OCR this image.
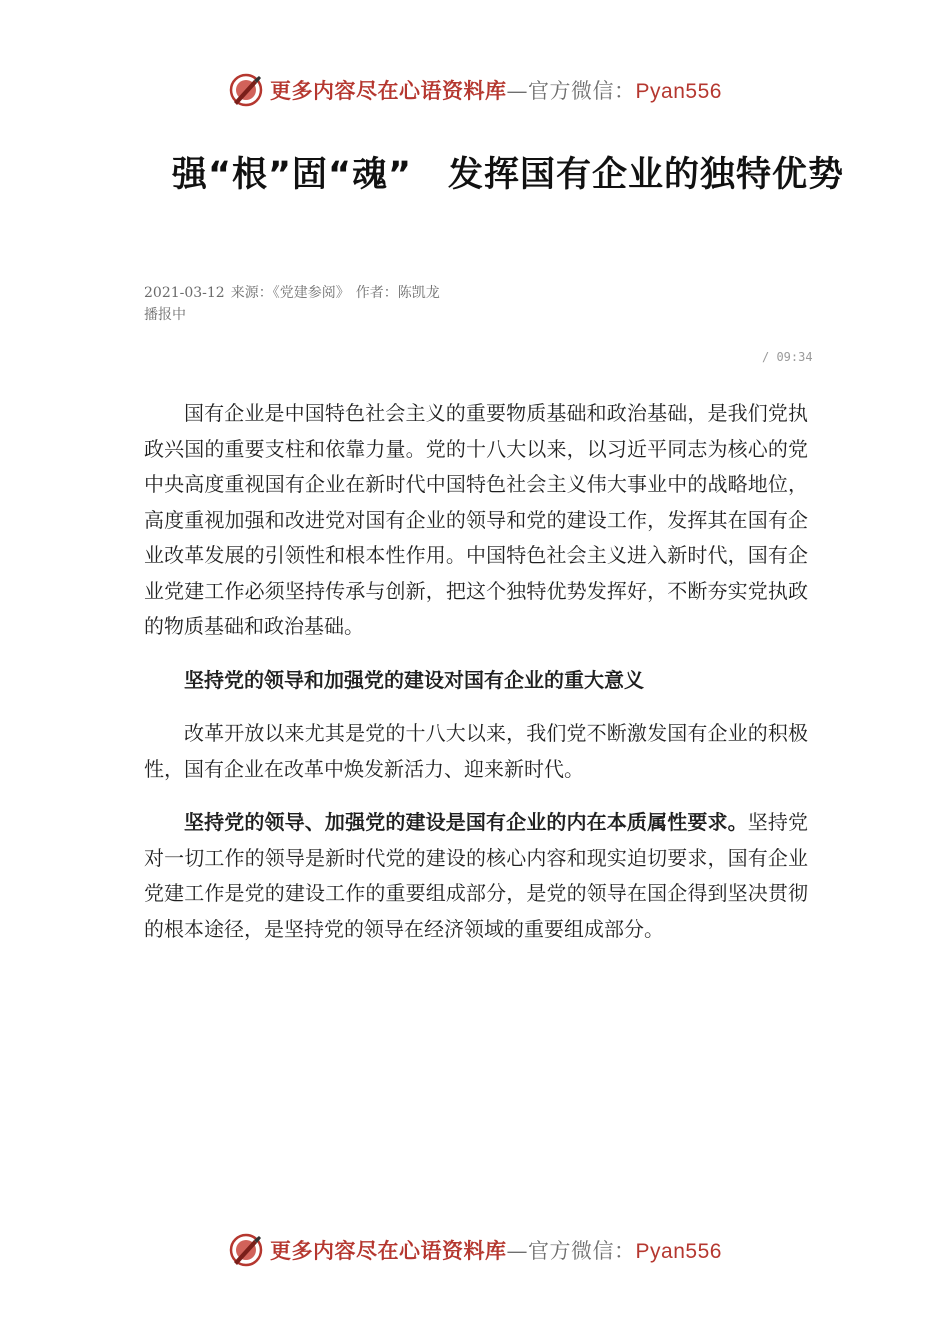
更多内容尽在心语资料库—官方微信：Pyan556
强“根”固“魂”　发挥国有企业的独特优势
2021-03-12 来源：《党建参阅》 作者：陈凯龙
播报中
/ 09:34

国有企业是中国特色社会主义的重要物质基础和政治基础，是我们党执政兴国的重要支柱和依靠力量。党的十八大以来，以习近平同志为核心的党中央高度重视国有企业在新时代中国特色社会主义伟大事业中的战略地位，高度重视加强和改进党对国有企业的领导和党的建设工作，发挥其在国有企业改革发展的引领性和根本性作用。中国特色社会主义进入新时代，国有企业党建工作必须坚持传承与创新，把这个独特优势发挥好，不断夯实党执政的物质基础和政治基础。

坚持党的领导和加强党的建设对国有企业的重大意义

改革开放以来尤其是党的十八大以来，我们党不断激发国有企业的积极性，国有企业在改革中焕发新活力、迎来新时代。

坚持党的领导、加强党的建设是国有企业的内在本质属性要求。坚持党对一切工作的领导是新时代党的建设的核心内容和现实迫切要求，国有企业党建工作是党的建设工作的重要组成部分，是党的领导在国企得到坚决贯彻的根本途径，是坚持党的领导在经济领域的重要组成部分。

更多内容尽在心语资料库—官方微信：Pyan556
